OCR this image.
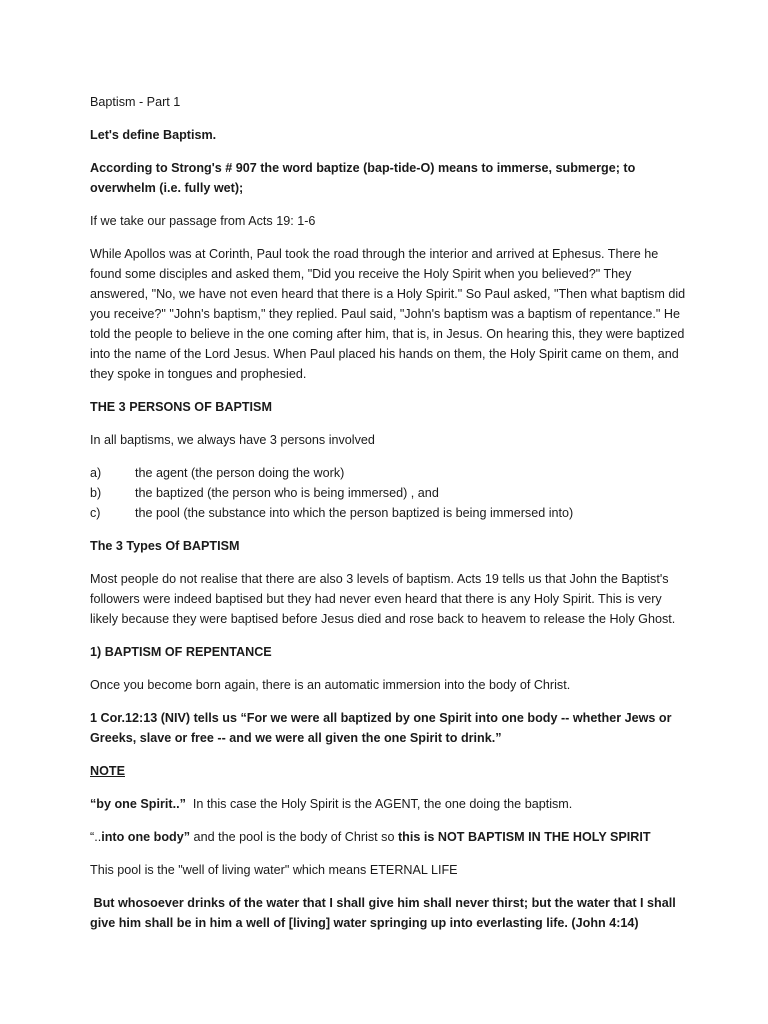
Baptism - Part 1

Let's define Baptism.

According to Strong's # 907 the word baptize (bap-tide-O) means to immerse, submerge; to overwhelm (i.e. fully wet);

If we take our passage from Acts 19: 1-6

While Apollos was at Corinth, Paul took the road through the interior and arrived at Ephesus. There he found some disciples and asked them, "Did you receive the Holy Spirit when you believed?" They answered, "No, we have not even heard that there is a Holy Spirit." So Paul asked, "Then what baptism did you receive?" "John's baptism," they replied. Paul said, "John's baptism was a baptism of repentance." He told the people to believe in the one coming after him, that is, in Jesus. On hearing this, they were baptized into the name of the Lord Jesus. When Paul placed his hands on them, the Holy Spirit came on them, and they spoke in tongues and prophesied.

THE 3 PERSONS OF BAPTISM

In all baptisms, we always have 3 persons involved

a)	the agent (the person doing the work)
b)	the baptized (the person who is being immersed) , and
c)	the pool (the substance into which the person baptized is being immersed into)

The 3 Types Of BAPTISM

Most people do not realise that there are also 3 levels of baptism. Acts 19 tells us that John the Baptist's followers were indeed baptised but they had never even heard that there is any Holy Spirit. This is very likely because they were baptised before Jesus died and rose back to heavem to release the Holy Ghost.

1) BAPTISM OF REPENTANCE

Once you become born again, there is an automatic immersion into the body of Christ.

1 Cor.12:13 (NIV) tells us “For we were all baptized by one Spirit into one body -- whether Jews or Greeks, slave or free -- and we were all given the one Spirit to drink.”

NOTE

“by one Spirit..”  In this case the Holy Spirit is the AGENT, the one doing the baptism.

“..into one body” and the pool is the body of Christ so this is NOT BAPTISM IN THE HOLY SPIRIT

This pool is the "well of living water" which means ETERNAL LIFE

But whosoever drinks of the water that I shall give him shall never thirst; but the water that I shall give him shall be in him a well of [living] water springing up into everlasting life. (John 4:14)
